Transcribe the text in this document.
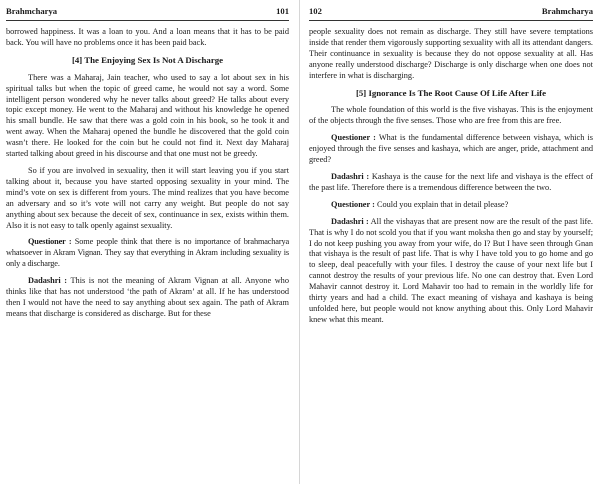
Brahmcharya	101

borrowed happiness. It was a loan to you. And a loan means that it has to be paid back. You will have no problems once it has been paid back.

[4] The Enjoying Sex Is Not A Discharge

There was a Maharaj, Jain teacher, who used to say a lot about sex in his spiritual talks but when the topic of greed came, he would not say a word. Some intelligent person wondered why he never talks about greed? He talks about every topic except money. He went to the Maharaj and without his knowledge he opened his small bundle. He saw that there was a gold coin in his book, so he took it and went away. When the Maharaj opened the bundle he discovered that the gold coin wasn’t there. He looked for the coin but he could not find it. Next day Maharaj started talking about greed in his discourse and that one must not be greedy.

So if you are involved in sexuality, then it will start leaving you if you start talking about it, because you have started opposing sexuality in your mind. The mind’s vote on sex is different from yours. The mind realizes that you have become an adversary and so it’s vote will not carry any weight. But people do not say anything about sex because the deceit of sex, continuance in sex, exists within them. Also it is not easy to talk openly against sexuality.

Questioner : Some people think that there is no importance of brahmacharya whatsoever in Akram Vignan. They say that everything in Akram including sexuality is only a discharge.

Dadashri : This is not the meaning of Akram Vignan at all. Anyone who thinks like that has not understood ‘the path of Akram’ at all. If he has understood then I would not have the need to say anything about sex again. The path of Akram means that discharge is considered as discharge. But for these

102	Brahmcharya

people sexuality does not remain as discharge. They still have severe temptations inside that render them vigorously supporting sexuality with all its attendant dangers. Their continuance in sexuality is because they do not oppose sexuality at all. Has anyone really understood discharge? Discharge is only discharge when one does not interfere in what is discharging.

[5] Ignorance Is The Root Cause Of Life After Life

The whole foundation of this world is the five vishayas. This is the enjoyment of the objects through the five senses. Those who are free from this are free.

Questioner : What is the fundamental difference between vishaya, which is enjoyed through the five senses and kashaya, which are anger, pride, attachment and greed?

Dadashri : Kashaya is the cause for the next life and vishaya is the effect of the past life. Therefore there is a tremendous difference between the two.

Questioner : Could you explain that in detail please?

Dadashri : All the vishayas that are present now are the result of the past life. That is why I do not scold you that if you want moksha then go and stay by yourself; I do not keep pushing you away from your wife, do I? But I have seen through Gnan that vishaya is the result of past life. That is why I have told you to go home and go to sleep, deal peacefully with your files. I destroy the cause of your next life but I cannot destroy the results of your previous life. No one can destroy that. Even Lord Mahavir cannot destroy it. Lord Mahavir too had to remain in the worldly life for thirty years and had a child. The exact meaning of vishaya and kashaya is being unfolded here, but people would not know anything about this. Only Lord Mahavir knew what this meant.
